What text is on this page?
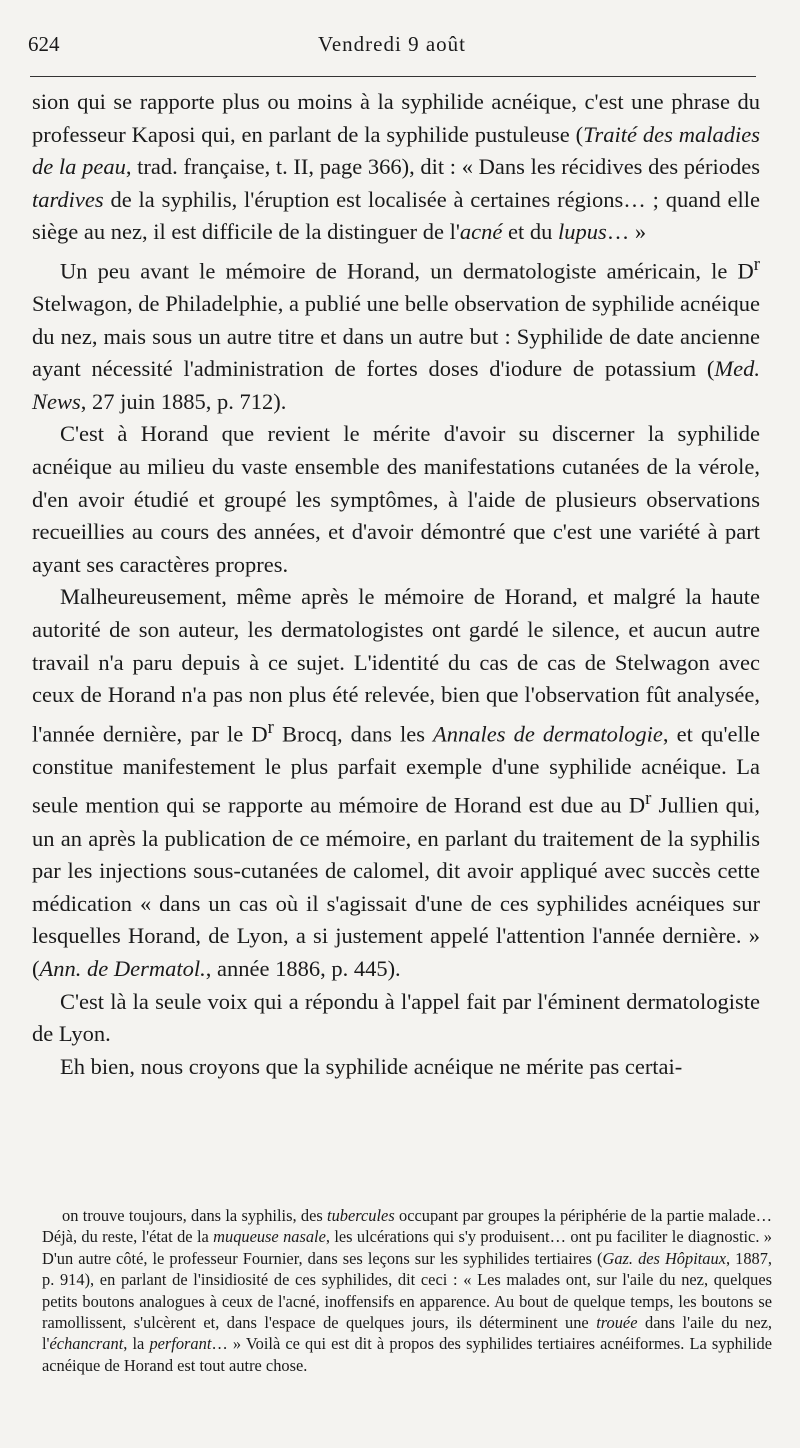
624	Vendredi 9 août

sion qui se rapporte plus ou moins à la syphilide acnéique, c'est une phrase du professeur Kaposi qui, en parlant de la syphilide pustuleuse (Traité des maladies de la peau, trad. française, t. II, page 366), dit : « Dans les récidives des périodes tardives de la syphilis, l'éruption est localisée à certaines régions… ; quand elle siège au nez, il est difficile de la distinguer de l'acné et du lupus… »

Un peu avant le mémoire de Horand, un dermatologiste américain, le $D^r$ Stelwagon, de Philadelphie, a publié une belle observation de syphilide acnéique du nez, mais sous un autre titre et dans un autre but : Syphilide de date ancienne ayant nécessité l'administration de fortes doses d'iodure de potassium (Med. News, 27 juin 1885, p. 712).

C'est à Horand que revient le mérite d'avoir su discerner la syphilide acnéique au milieu du vaste ensemble des manifestations cutanées de la vérole, d'en avoir étudié et groupé les symptômes, à l'aide de plusieurs observations recueillies au cours des années, et d'avoir démontré que c'est une variété à part ayant ses caractères propres.

Malheureusement, même après le mémoire de Horand, et malgré la haute autorité de son auteur, les dermatologistes ont gardé le silence, et aucun autre travail n'a paru depuis à ce sujet. L'identité du cas de cas de Stelwagon avec ceux de Horand n'a pas non plus été relevée, bien que l'observation fût analysée, l'année dernière, par le $D^r$ Brocq, dans les Annales de dermatologie, et qu'elle constitue manifestement le plus parfait exemple d'une syphilide acnéique. La seule mention qui se rapporte au mémoire de Horand est due au $D^r$ Jullien qui, un an après la publication de ce mémoire, en parlant du traitement de la syphilis par les injections sous-cutanées de calomel, dit avoir appliqué avec succès cette médication « dans un cas où il s'agissait d'une de ces syphilides acnéiques sur lesquelles Horand, de Lyon, a si justement appelé l'attention l'année dernière. » (Ann. de Dermatol., année 1886, p. 445).

C'est là la seule voix qui a répondu à l'appel fait par l'éminent dermatologiste de Lyon.

Eh bien, nous croyons que la syphilide acnéique ne mérite pas certai-

on trouve toujours, dans la syphilis, des tubercules occupant par groupes la périphérie de la partie malade… Déjà, du reste, l'état de la muqueuse nasale, les ulcérations qui s'y produisent… ont pu faciliter le diagnostic. » D'un autre côté, le professeur Fournier, dans ses leçons sur les syphilides tertiaires (Gaz. des Hôpitaux, 1887, p. 914), en parlant de l'insidiosité de ces syphilides, dit ceci : « Les malades ont, sur l'aile du nez, quelques petits boutons analogues à ceux de l'acné, inoffensifs en apparence. Au bout de quelque temps, les boutons se ramollissent, s'ulcèrent et, dans l'espace de quelques jours, ils déterminent une trouée dans l'aile du nez, l'échancrant, la perforant… » Voilà ce qui est dit à propos des syphilides tertiaires acnéiformes. La syphilide acnéique de Horand est tout autre chose.
